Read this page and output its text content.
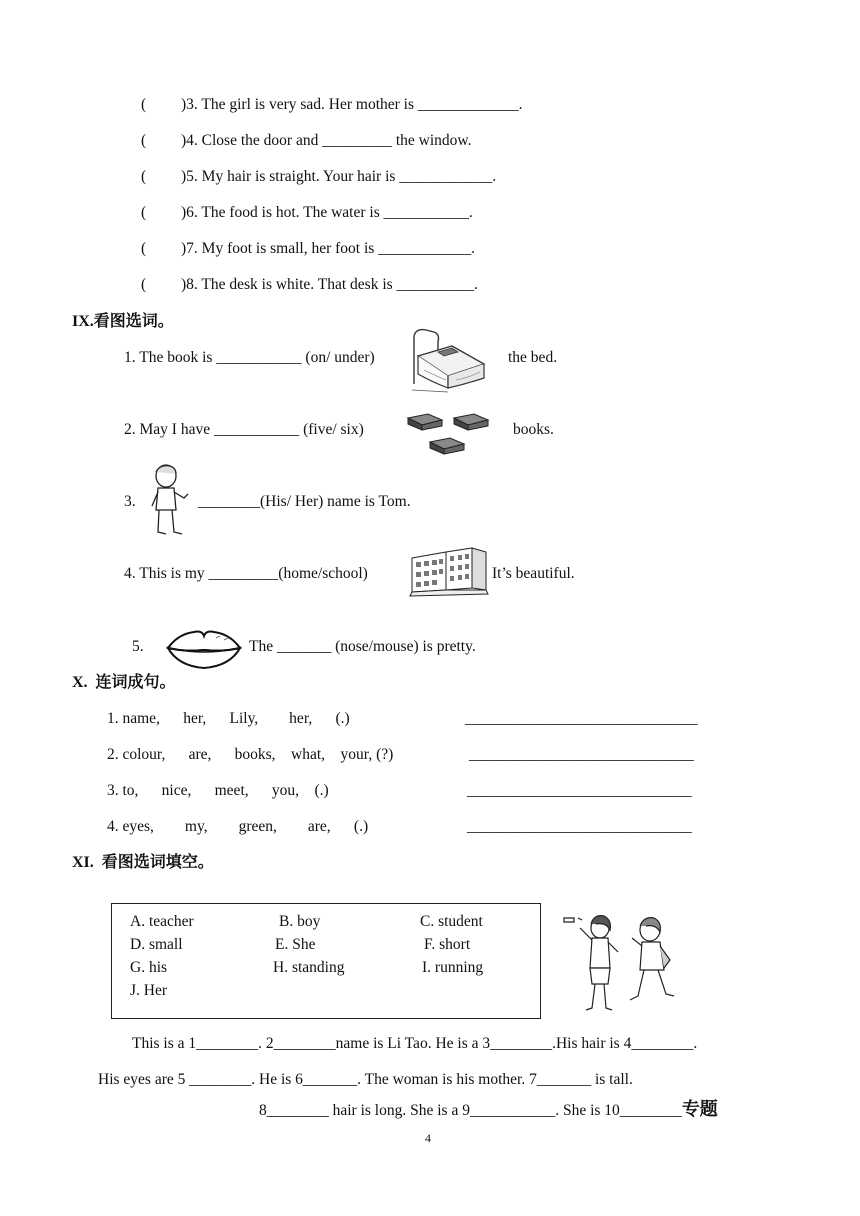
( )3. The girl is very sad. Her mother is _____________.
( )4. Close the door and _________ the window.
( )5. My hair is straight. Your hair is ____________.
( )6. The food is hot. The water is ___________.
( )7. My foot is small, her foot is ____________.
( )8. The desk is white. That desk is __________.
IX.看图选词。
1. The book is ___________ (on/ under)	the bed.
2. May I have ___________ (five/ six)	books.
3.	________(His/ Her) name is Tom.
4. This is my _________(home/school)	It’s beautiful.
5.	The _______ (nose/mouse) is pretty.
X.  连词成句。
1. name,      her,      Lily,        her,      (.)	______________________________
2. colour,      are,      books,    what,    your, (?)	_____________________________
3. to,      nice,      meet,      you,    (.)	_____________________________
4. eyes,        my,        green,        are,      (.)	_____________________________
XI.  看图选词填空。
A. teacher	B. boy	C. student
D. small	E. She	F. short
G. his	H. standing	I. running
J. Her
This is a 1________. 2________name is Li Tao. He is a 3________.His hair is 4________.
His eyes are 5 ________. He is 6_______. The woman is his mother. 7_______ is tall.
8________ hair is long. She is a 9___________. She is 10________专题
4
